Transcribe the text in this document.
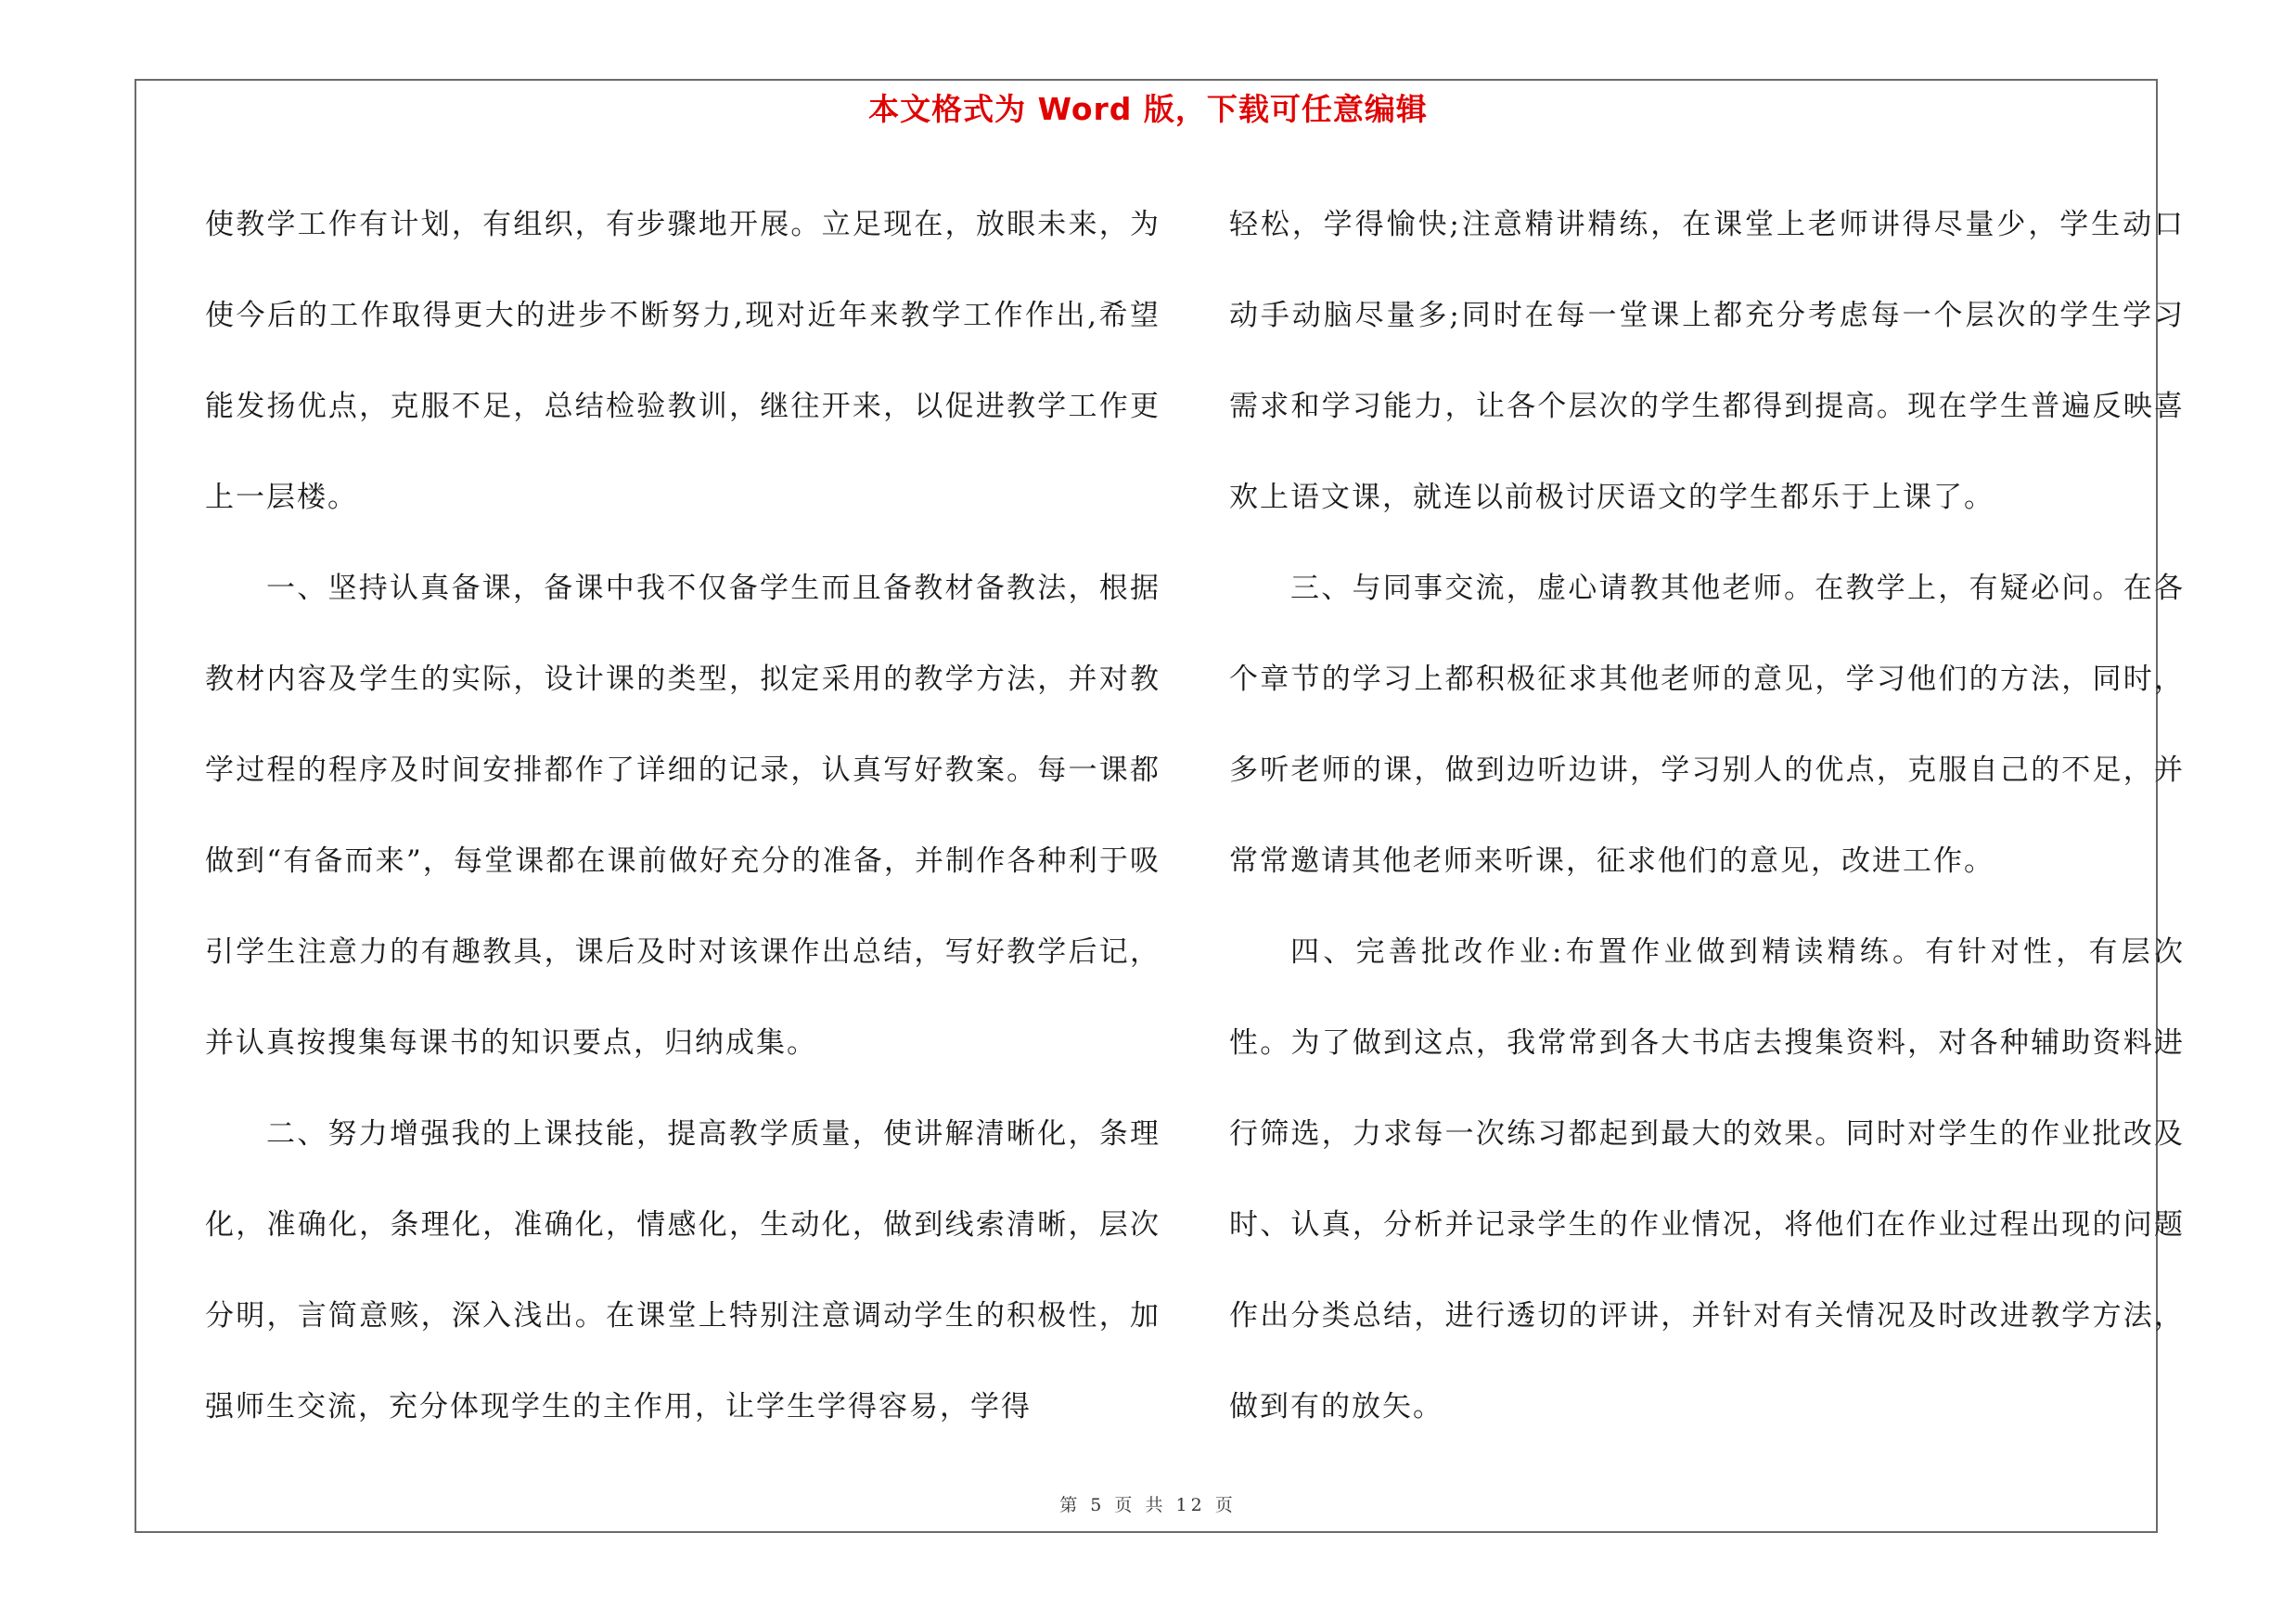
本文格式为 Word 版，下载可任意编辑

使教学工作有计划，有组织，有步骤地开展。立足现在，放眼未来，为使今后的工作取得更大的进步不断努力,现对近年来教学工作作出,希望能发扬优点，克服不足，总结检验教训，继往开来，以促进教学工作更上一层楼。

一、坚持认真备课，备课中我不仅备学生而且备教材备教法，根据教材内容及学生的实际，设计课的类型，拟定采用的教学方法，并对教学过程的程序及时间安排都作了详细的记录，认真写好教案。每一课都做到“有备而来”，每堂课都在课前做好充分的准备，并制作各种利于吸引学生注意力的有趣教具，课后及时对该课作出总结，写好教学后记，并认真按搜集每课书的知识要点，归纳成集。

二、努力增强我的上课技能，提高教学质量，使讲解清晰化，条理化，准确化，条理化，准确化，情感化，生动化，做到线索清晰，层次分明，言简意赅，深入浅出。在课堂上特别注意调动学生的积极性，加强师生交流，充分体现学生的主作用，让学生学得容易，学得

轻松，学得愉快;注意精讲精练，在课堂上老师讲得尽量少，学生动口动手动脑尽量多;同时在每一堂课上都充分考虑每一个层次的学生学习需求和学习能力，让各个层次的学生都得到提高。现在学生普遍反映喜欢上语文课，就连以前极讨厌语文的学生都乐于上课了。

三、与同事交流，虚心请教其他老师。在教学上，有疑必问。在各个章节的学习上都积极征求其他老师的意见，学习他们的方法，同时，多听老师的课，做到边听边讲，学习别人的优点，克服自己的不足，并常常邀请其他老师来听课，征求他们的意见，改进工作。

四、完善批改作业:布置作业做到精读精练。有针对性，有层次性。为了做到这点，我常常到各大书店去搜集资料，对各种辅助资料进行筛选，力求每一次练习都起到最大的效果。同时对学生的作业批改及时、认真，分析并记录学生的作业情况，将他们在作业过程出现的问题作出分类总结，进行透切的评讲，并针对有关情况及时改进教学方法，做到有的放矢。

第 5 页 共 12 页
